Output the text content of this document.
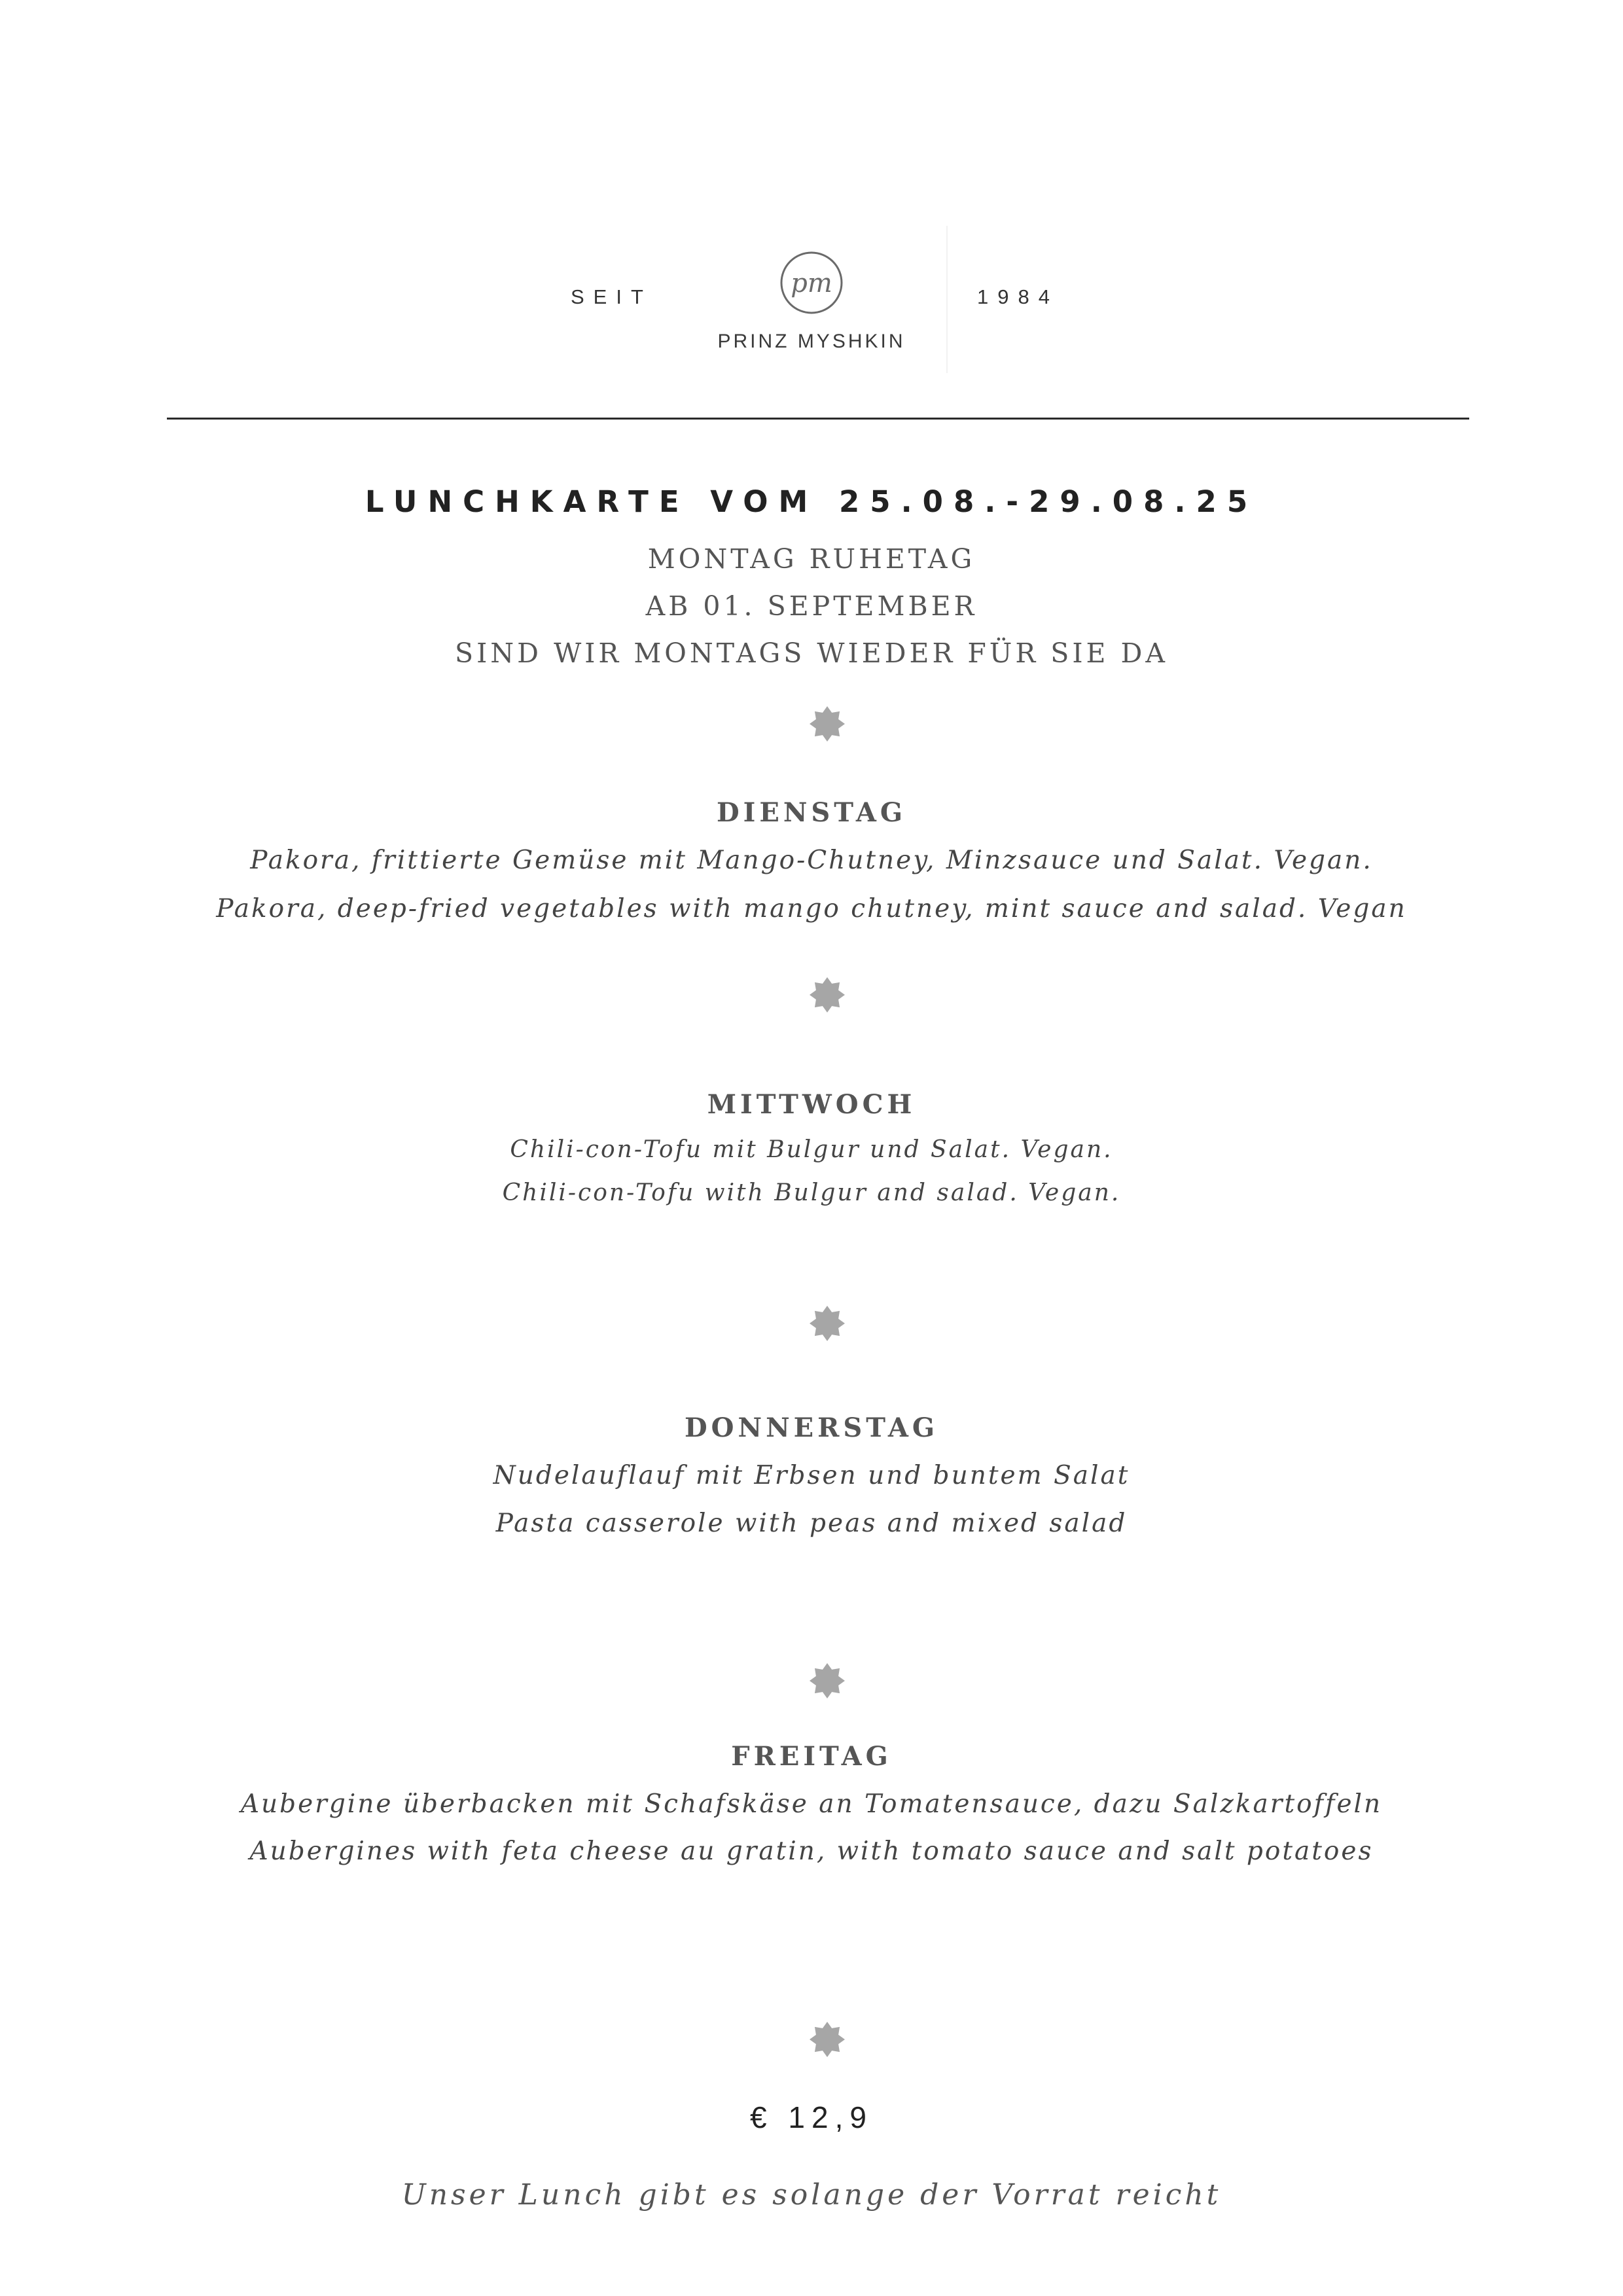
SEIT	1984
pm
PRINZ MYSHKIN
LUNCHKARTE VOM 25.08.-29.08.25
MONTAG RUHETAG
AB 01. SEPTEMBER
SIND WIR MONTAGS WIEDER FÜR SIE DA
DIENSTAG
Pakora, frittierte Gemüse mit Mango-Chutney, Minzsauce und Salat. Vegan.
Pakora, deep-fried vegetables with mango chutney, mint sauce and salad. Vegan
MITTWOCH
Chili-con-Tofu mit Bulgur und Salat. Vegan.
Chili-con-Tofu with Bulgur and salad. Vegan.
DONNERSTAG
Nudelauflauf mit Erbsen und buntem Salat
Pasta casserole with peas and mixed salad
FREITAG
Aubergine überbacken mit Schafskäse an Tomatensauce, dazu Salzkartoffeln
Aubergines with feta cheese au gratin, with tomato sauce and salt potatoes
€ 12,9
Unser Lunch gibt es solange der Vorrat reicht
